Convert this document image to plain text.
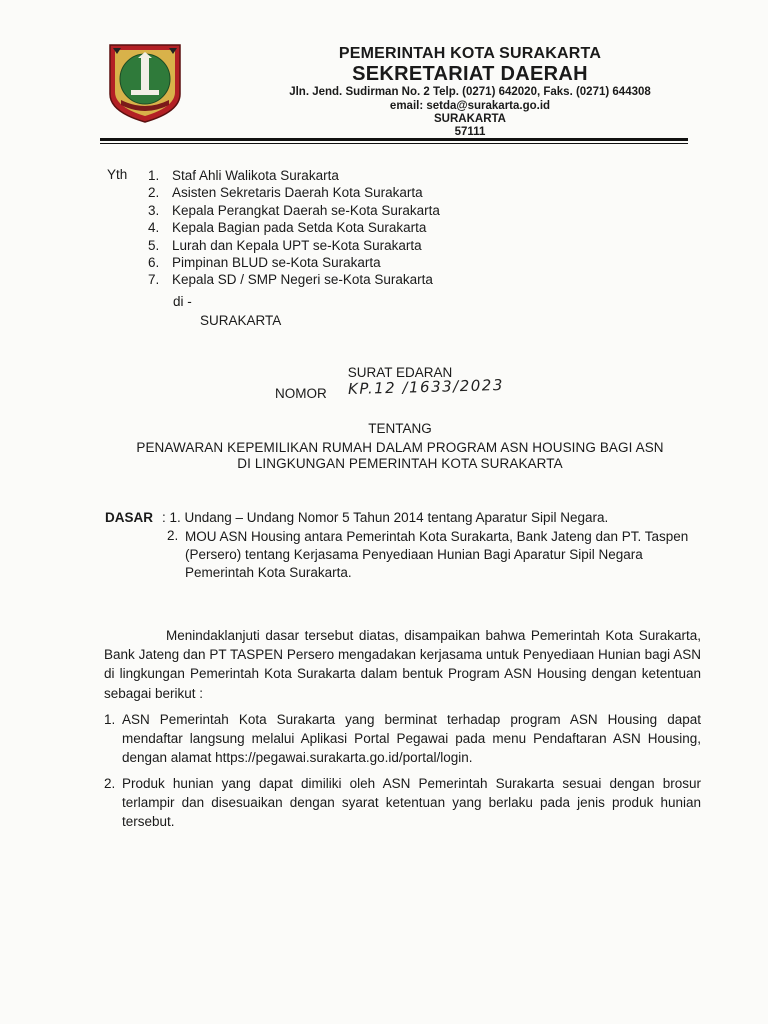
PEMERINTAH KOTA SURAKARTA
SEKRETARIAT DAERAH
Jln. Jend. Sudirman No. 2 Telp. (0271) 642020, Faks. (0271) 644308
email: setda@surakarta.go.id
SURAKARTA
57111
Yth 1. Staf Ahli Walikota Surakarta
2. Asisten Sekretaris Daerah Kota Surakarta
3. Kepala Perangkat Daerah se-Kota Surakarta
4. Kepala Bagian pada Setda Kota Surakarta
5. Lurah dan Kepala UPT se-Kota Surakarta
6. Pimpinan BLUD se-Kota Surakarta
7. Kepala SD / SMP Negeri se-Kota Surakarta
di -
SURAKARTA
SURAT EDARAN
NOMOR KP.12 /1633/2023
TENTANG
PENAWARAN KEPEMILIKAN RUMAH DALAM PROGRAM ASN HOUSING BAGI ASN
DI LINGKUNGAN PEMERINTAH KOTA SURAKARTA
DASAR : 1. Undang – Undang Nomor 5 Tahun 2014 tentang Aparatur Sipil Negara.
2. MOU ASN Housing antara Pemerintah Kota Surakarta, Bank Jateng dan PT. Taspen (Persero) tentang Kerjasama Penyediaan Hunian Bagi Aparatur Sipil Negara Pemerintah Kota Surakarta.
Menindaklanjuti dasar tersebut diatas, disampaikan bahwa Pemerintah Kota Surakarta, Bank Jateng dan PT TASPEN Persero mengadakan kerjasama untuk Penyediaan Hunian bagi ASN di lingkungan Pemerintah Kota Surakarta dalam bentuk Program ASN Housing dengan ketentuan sebagai berikut :
1. ASN Pemerintah Kota Surakarta yang berminat terhadap program ASN Housing dapat mendaftar langsung melalui Aplikasi Portal Pegawai pada menu Pendaftaran ASN Housing, dengan alamat https://pegawai.surakarta.go.id/portal/login.
2. Produk hunian yang dapat dimiliki oleh ASN Pemerintah Surakarta sesuai dengan brosur terlampir dan disesuaikan dengan syarat ketentuan yang berlaku pada jenis produk hunian tersebut.
